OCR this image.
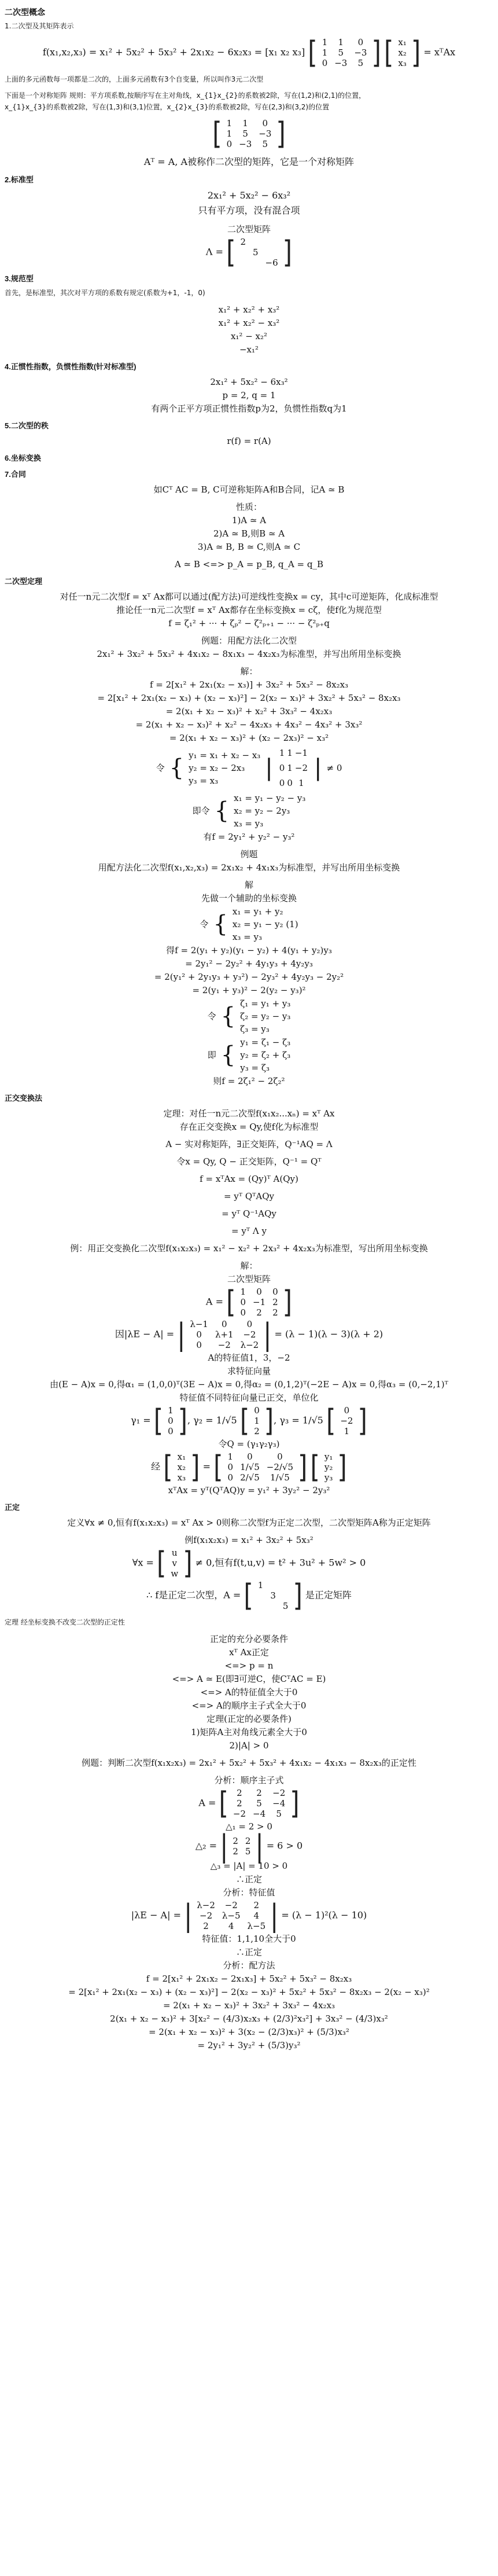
二次型概念
1.二次型及其矩阵表示
f(x₁,x₂,x₃) = x₁² + 5x₂² + 5x₃² + 2x₁x₂ − 6x₂x₃ = [x₁ x₂ x₃] [ 1	1	0
1	5	−3
0	−3	5 ]
[ x₁
x₂
x₃ ] = xᵀAx
上面的多元函数每一项都是二次的，上面多元函数有3个自变量，所以叫作3元二次型
下面是一个对称矩阵 规则：平方项系数,按顺序写在主对角线，x_{1}x_{2}的系数被2除，写在(1,2)和(2,1)的位置，
x_{1}x_{3}的系数被2除，写在(1,3)和(3,1)位置，x_{2}x_{3}的系数被2除，写在(2,3)和(3,2)的位置
[ 1	1	0
1	5	−3
0	−3	5 ]
Aᵀ = A, A被称作二次型的矩阵，它是一个对称矩阵
2.标准型
2x₁² + 5x₂² − 6x₃²
只有平方项，没有混合项
二次型矩阵
Λ = [ 2		
	5	
		−6 ]
3.规范型
首先，是标准型，其次对平方项的系数有规定(系数为+1，-1，0)
x₁² + x₂² + x₃²
x₁² + x₂² − x₃²
x₁² − x₂²
−x₁²
4.正惯性指数，负惯性指数(针对标准型)
2x₁² + 5x₂² − 6x₃²
p = 2, q = 1
有两个正平方项正惯性指数p为2，负惯性指数q为1
5.二次型的秩
r(f) = r(A)
6.坐标变换
7.合同
如Cᵀ AC = B, C可逆称矩阵A和B合同，记A ≃ B
性质：
1)A ≃ A
2)A ≃ B,则B ≃ A
3)A ≃ B, B ≃ C,则A ≃ C
A ≃ B <=> p_A = p_B, q_A = q_B
二次型定理
对任一n元二次型f = xᵀ Ax都可以通过(配方法)可逆线性变换x = cy，其中c可逆矩阵，化成标准型
推论任一n元二次型f = xᵀ Ax都存在坐标变换x = cζ，使f化为规范型
f = ζ₁² + ··· + ζₚ² − ζ²ₚ₊₁ − ··· − ζ²ₚ₊q
例题：用配方法化二次型
2x₁² + 3x₂² + 5x₃² + 4x₁x₂ − 8x₁x₃ − 4x₂x₃为标准型，并写出所用坐标变换
解：
f = 2[x₁² + 2x₁(x₂ − x₃)] + 3x₂² + 5x₃² − 8x₂x₃
= 2[x₁² + 2x₁(x₂ − x₃) + (x₂ − x₃)²] − 2(x₂ − x₃)² + 3x₂² + 5x₃² − 8x₂x₃
= 2(x₁ + x₂ − x₃)² + x₂² + 3x₃² − 4x₂x₃
= 2(x₁ + x₂ − x₃)² + x₂² − 4x₂x₃ + 4x₃² − 4x₃² + 3x₃²
= 2(x₁ + x₂ − x₃)² + (x₂ − 2x₃)² − x₃²
令 { y₁ = x₁ + x₂ − x₃
y₂ = x₂ − 2x₃
y₃ = x₃	|
1	1	−1
0	1	−2
0	0	1
| ≠ 0
即令 { x₁ = y₁ − y₂ − y₃
x₂ = y₂ − 2y₃
x₃ = y₃
有f = 2y₁² + y₂² − y₃²
例题
用配方法化二次型f(x₁,x₂,x₃) = 2x₁x₂ + 4x₁x₃为标准型，并写出所用坐标变换
解
先做一个辅助的坐标变换
令 { x₁ = y₁ + y₂
x₂ = y₁ − y₂ (1)
x₃ = y₃
得f = 2(y₁ + y₂)(y₁ − y₂) + 4(y₁ + y₂)y₃
= 2y₁² − 2y₂² + 4y₁y₃ + 4y₂y₃
= 2(y₁² + 2y₁y₃ + y₃²) − 2y₃² + 4y₂y₃ − 2y₂²
= 2(y₁ + y₃)² − 2(y₂ − y₃)²
令 { ζ₁ = y₁ + y₃
ζ₂ = y₂ − y₃
ζ₃ = y₃
即 { y₁ = ζ₁ − ζ₃
y₂ = ζ₂ + ζ₃
y₃ = ζ₃
则f = 2ζ₁² − 2ζ₂²
正交变换法
定理：对任一n元二次型f(x₁x₂...xₙ) = xᵀ Ax
存在正交变换x = Qy,使f化为标准型
A − 实对称矩阵，∃正交矩阵，Q⁻¹AQ = Λ
令x = Qy, Q − 正交矩阵，Q⁻¹ = Qᵀ
f = xᵀAx = (Qy)ᵀ A(Qy)
= yᵀ QᵀAQy
= yᵀ Q⁻¹AQy
= yᵀ Λ y
例：用正交变换化二次型f(x₁x₂x₃) = x₁² − x₂² + 2x₃² + 4x₂x₃为标准型，写出所用坐标变换
解：
二次型矩阵
A = [ 1	0	0
0	−1	2
0	2	2 ]
因|λE − A| = | λ−1	0	0
0	λ+1	−2
0	−2	λ−2 | = (λ − 1)(λ − 3)(λ + 2)
A的特征值1，3，−2
求特征向量
由(E − A)x = 0,得α₁ = (1,0,0)ᵀ(3E − A)x = 0,得α₂ = (0,1,2)ᵀ(−2E − A)x = 0,得α₃ = (0,−2,1)ᵀ
特征值不同特征向量已正交，单位化
γ₁ = [ 1
0
0 ] , γ₂ = 1/√5 [ 0
1
2 ] , γ₃ = 1/√5 [ 0
−2
1 ]
令Q = (γ₁γ₂γ₃)
经 [ x₁
x₂
x₃ ] = [ 1	0	0
0	1/√5	−2/√5
0	2/√5	1/√5 ]
[ y₁
y₂
y₃ ]
xᵀAx = yᵀ(QᵀAQ)y = y₁² + 3y₂² − 2y₃²
正定
定义∀x ≠ 0,恒有f(x₁x₂x₃) = xᵀ Ax > 0则称二次型f为正定二次型，二次型矩阵A称为正定矩阵
例f(x₁x₂x₃) = x₁² + 3x₂² + 5x₃²
∀x = [ u
v
w ] ≠ 0,恒有f(t,u,v) = t² + 3u² + 5w² > 0
∴ f是正定二次型，A = [ 1		
	3	
		5 ] 是正定矩阵
定理 经坐标变换不改变二次型的正定性
正定的充分必要条件
xᵀ Ax正定
<=> p = n
<=> A ≃ E(即∃可逆C，使CᵀAC = E)
<=> A的特征值全大于0
<=> A的顺序主子式全大于0
定理(正定的必要条件)
1)矩阵A主对角线元素全大于0
2)|A| > 0
例题：判断二次型f(x₁x₂x₃) = 2x₁² + 5x₂² + 5x₃² + 4x₁x₂ − 4x₁x₃ − 8x₂x₃的正定性
分析：顺序主子式
A = [ 2	2	−2
2	5	−4
−2	−4	5 ]
△₁ = 2 > 0
△₂ = | 2	2
2	5 | = 6 > 0
△₃ = |A| = 10 > 0
∴正定
分析：特征值
|λE − A| = | λ−2	−2	2
−2	λ−5	4
2	4	λ−5 | = (λ − 1)²(λ − 10)
特征值：1,1,10全大于0
∴正定
分析：配方法
f = 2[x₁² + 2x₁x₂ − 2x₁x₃] + 5x₂² + 5x₃² − 8x₂x₃
= 2[x₁² + 2x₁(x₂ − x₃) + (x₂ − x₃)²] − 2(x₂ − x₃)² + 5x₂² + 5x₃² − 8x₂x₃ − 2(x₂ − x₃)²
= 2(x₁ + x₂ − x₃)² + 3x₂² + 3x₃² − 4x₂x₃
2(x₁ + x₂ − x₃)² + 3[x₂² − (4/3)x₂x₃ + (2/3)²x₃²] + 3x₃² − (4/3)x₃²
= 2(x₁ + x₂ − x₃)² + 3(x₂ − (2/3)x₃)² + (5/3)x₃²
= 2y₁² + 3y₂² + (5/3)y₃²
